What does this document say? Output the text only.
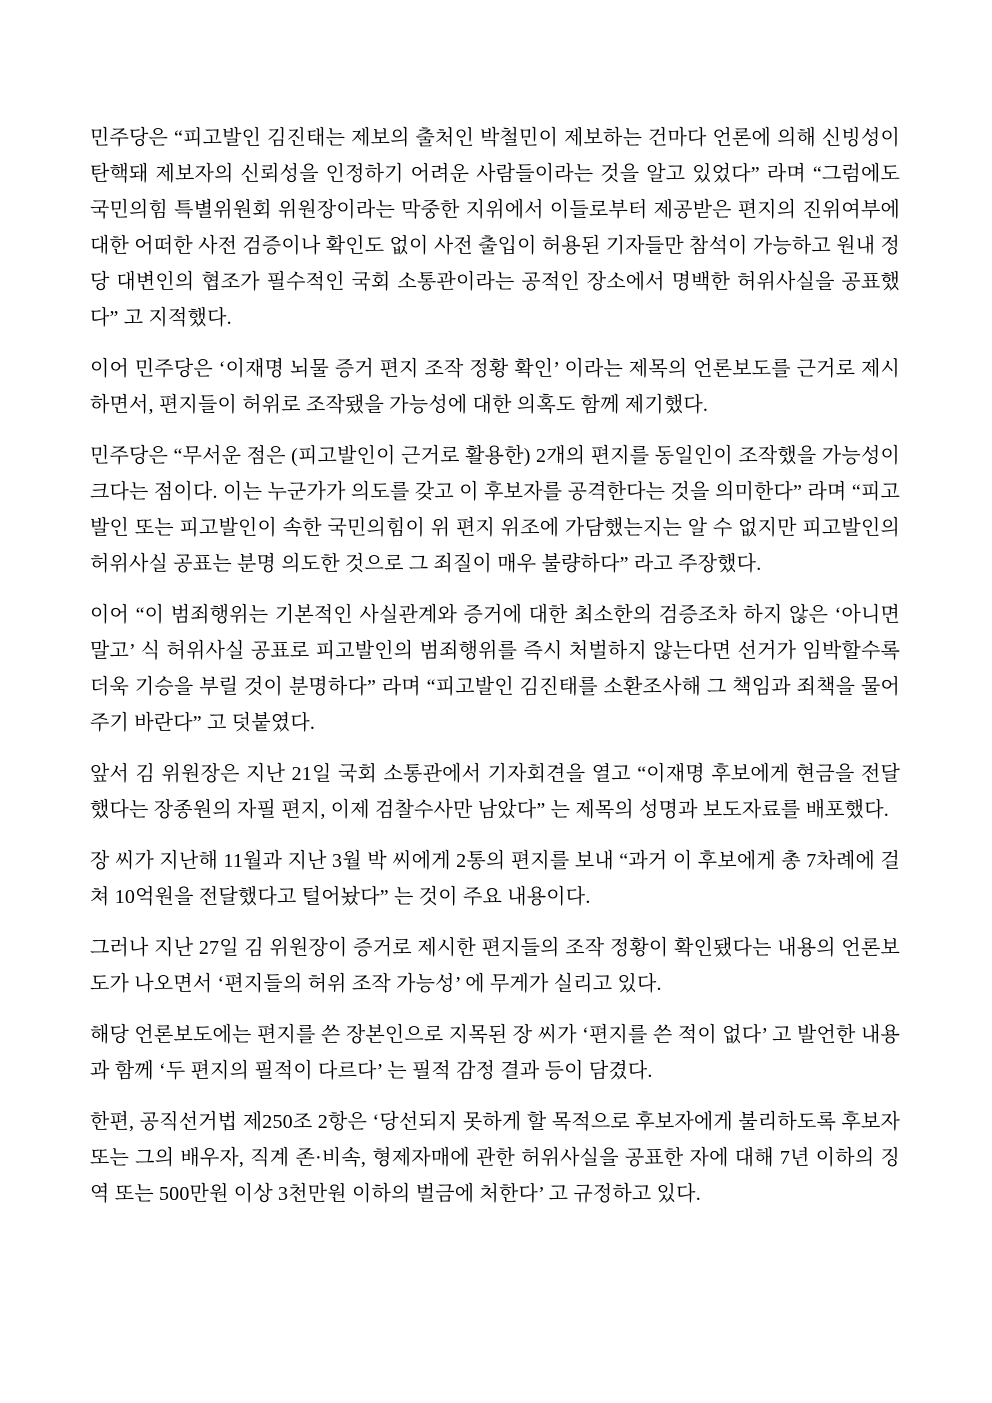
민주당은 “피고발인 김진태는 제보의 출처인 박철민이 제보하는 건마다 언론에 의해 신빙성이 탄핵돼 제보자의 신뢰성을 인정하기 어려운 사람들이라는 것을 알고 있었다” 라며 “그럼에도 국민의힘 특별위원회 위원장이라는 막중한 지위에서 이들로부터 제공받은 편지의 진위여부에 대한 어떠한 사전 검증이나 확인도 없이 사전 출입이 허용된 기자들만 참석이 가능하고 원내 정당 대변인의 협조가 필수적인 국회 소통관이라는 공적인 장소에서 명백한 허위사실을 공표했다” 고 지적했다.

이어 민주당은 ‘이재명 뇌물 증거 편지 조작 정황 확인’ 이라는 제목의 언론보도를 근거로 제시하면서, 편지들이 허위로 조작됐을 가능성에 대한 의혹도 함께 제기했다.

민주당은 “무서운 점은 (피고발인이 근거로 활용한) 2개의 편지를 동일인이 조작했을 가능성이 크다는 점이다. 이는 누군가가 의도를 갖고 이 후보자를 공격한다는 것을 의미한다” 라며 “피고발인 또는 피고발인이 속한 국민의힘이 위 편지 위조에 가담했는지는 알 수 없지만 피고발인의 허위사실 공표는 분명 의도한 것으로 그 죄질이 매우 불량하다” 라고 주장했다.

이어 “이 범죄행위는 기본적인 사실관계와 증거에 대한 최소한의 검증조차 하지 않은 ‘아니면 말고’ 식 허위사실 공표로 피고발인의 범죄행위를 즉시 처벌하지 않는다면 선거가 임박할수록 더욱 기승을 부릴 것이 분명하다” 라며 “피고발인 김진태를 소환조사해 그 책임과 죄책을 물어 주기 바란다” 고 덧붙였다.

앞서 김 위원장은 지난 21일 국회 소통관에서 기자회견을 열고 “이재명 후보에게 현금을 전달했다는 장종원의 자필 편지, 이제 검찰수사만 남았다” 는 제목의 성명과 보도자료를 배포했다.

장 씨가 지난해 11월과 지난 3월 박 씨에게 2통의 편지를 보내 “과거 이 후보에게 총 7차례에 걸쳐 10억원을 전달했다고 털어놨다” 는 것이 주요 내용이다.

그러나 지난 27일 김 위원장이 증거로 제시한 편지들의 조작 정황이 확인됐다는 내용의 언론보도가 나오면서 ‘편지들의 허위 조작 가능성’ 에 무게가 실리고 있다.

해당 언론보도에는 편지를 쓴 장본인으로 지목된 장 씨가 ‘편지를 쓴 적이 없다’ 고 발언한 내용과 함께 ‘두 편지의 필적이 다르다’ 는 필적 감정 결과 등이 담겼다.

한편, 공직선거법 제250조 2항은 ‘당선되지 못하게 할 목적으로 후보자에게 불리하도록 후보자 또는 그의 배우자, 직계 존·비속, 형제자매에 관한 허위사실을 공표한 자에 대해 7년 이하의 징역 또는 500만원 이상 3천만원 이하의 벌금에 처한다’ 고 규정하고 있다.
